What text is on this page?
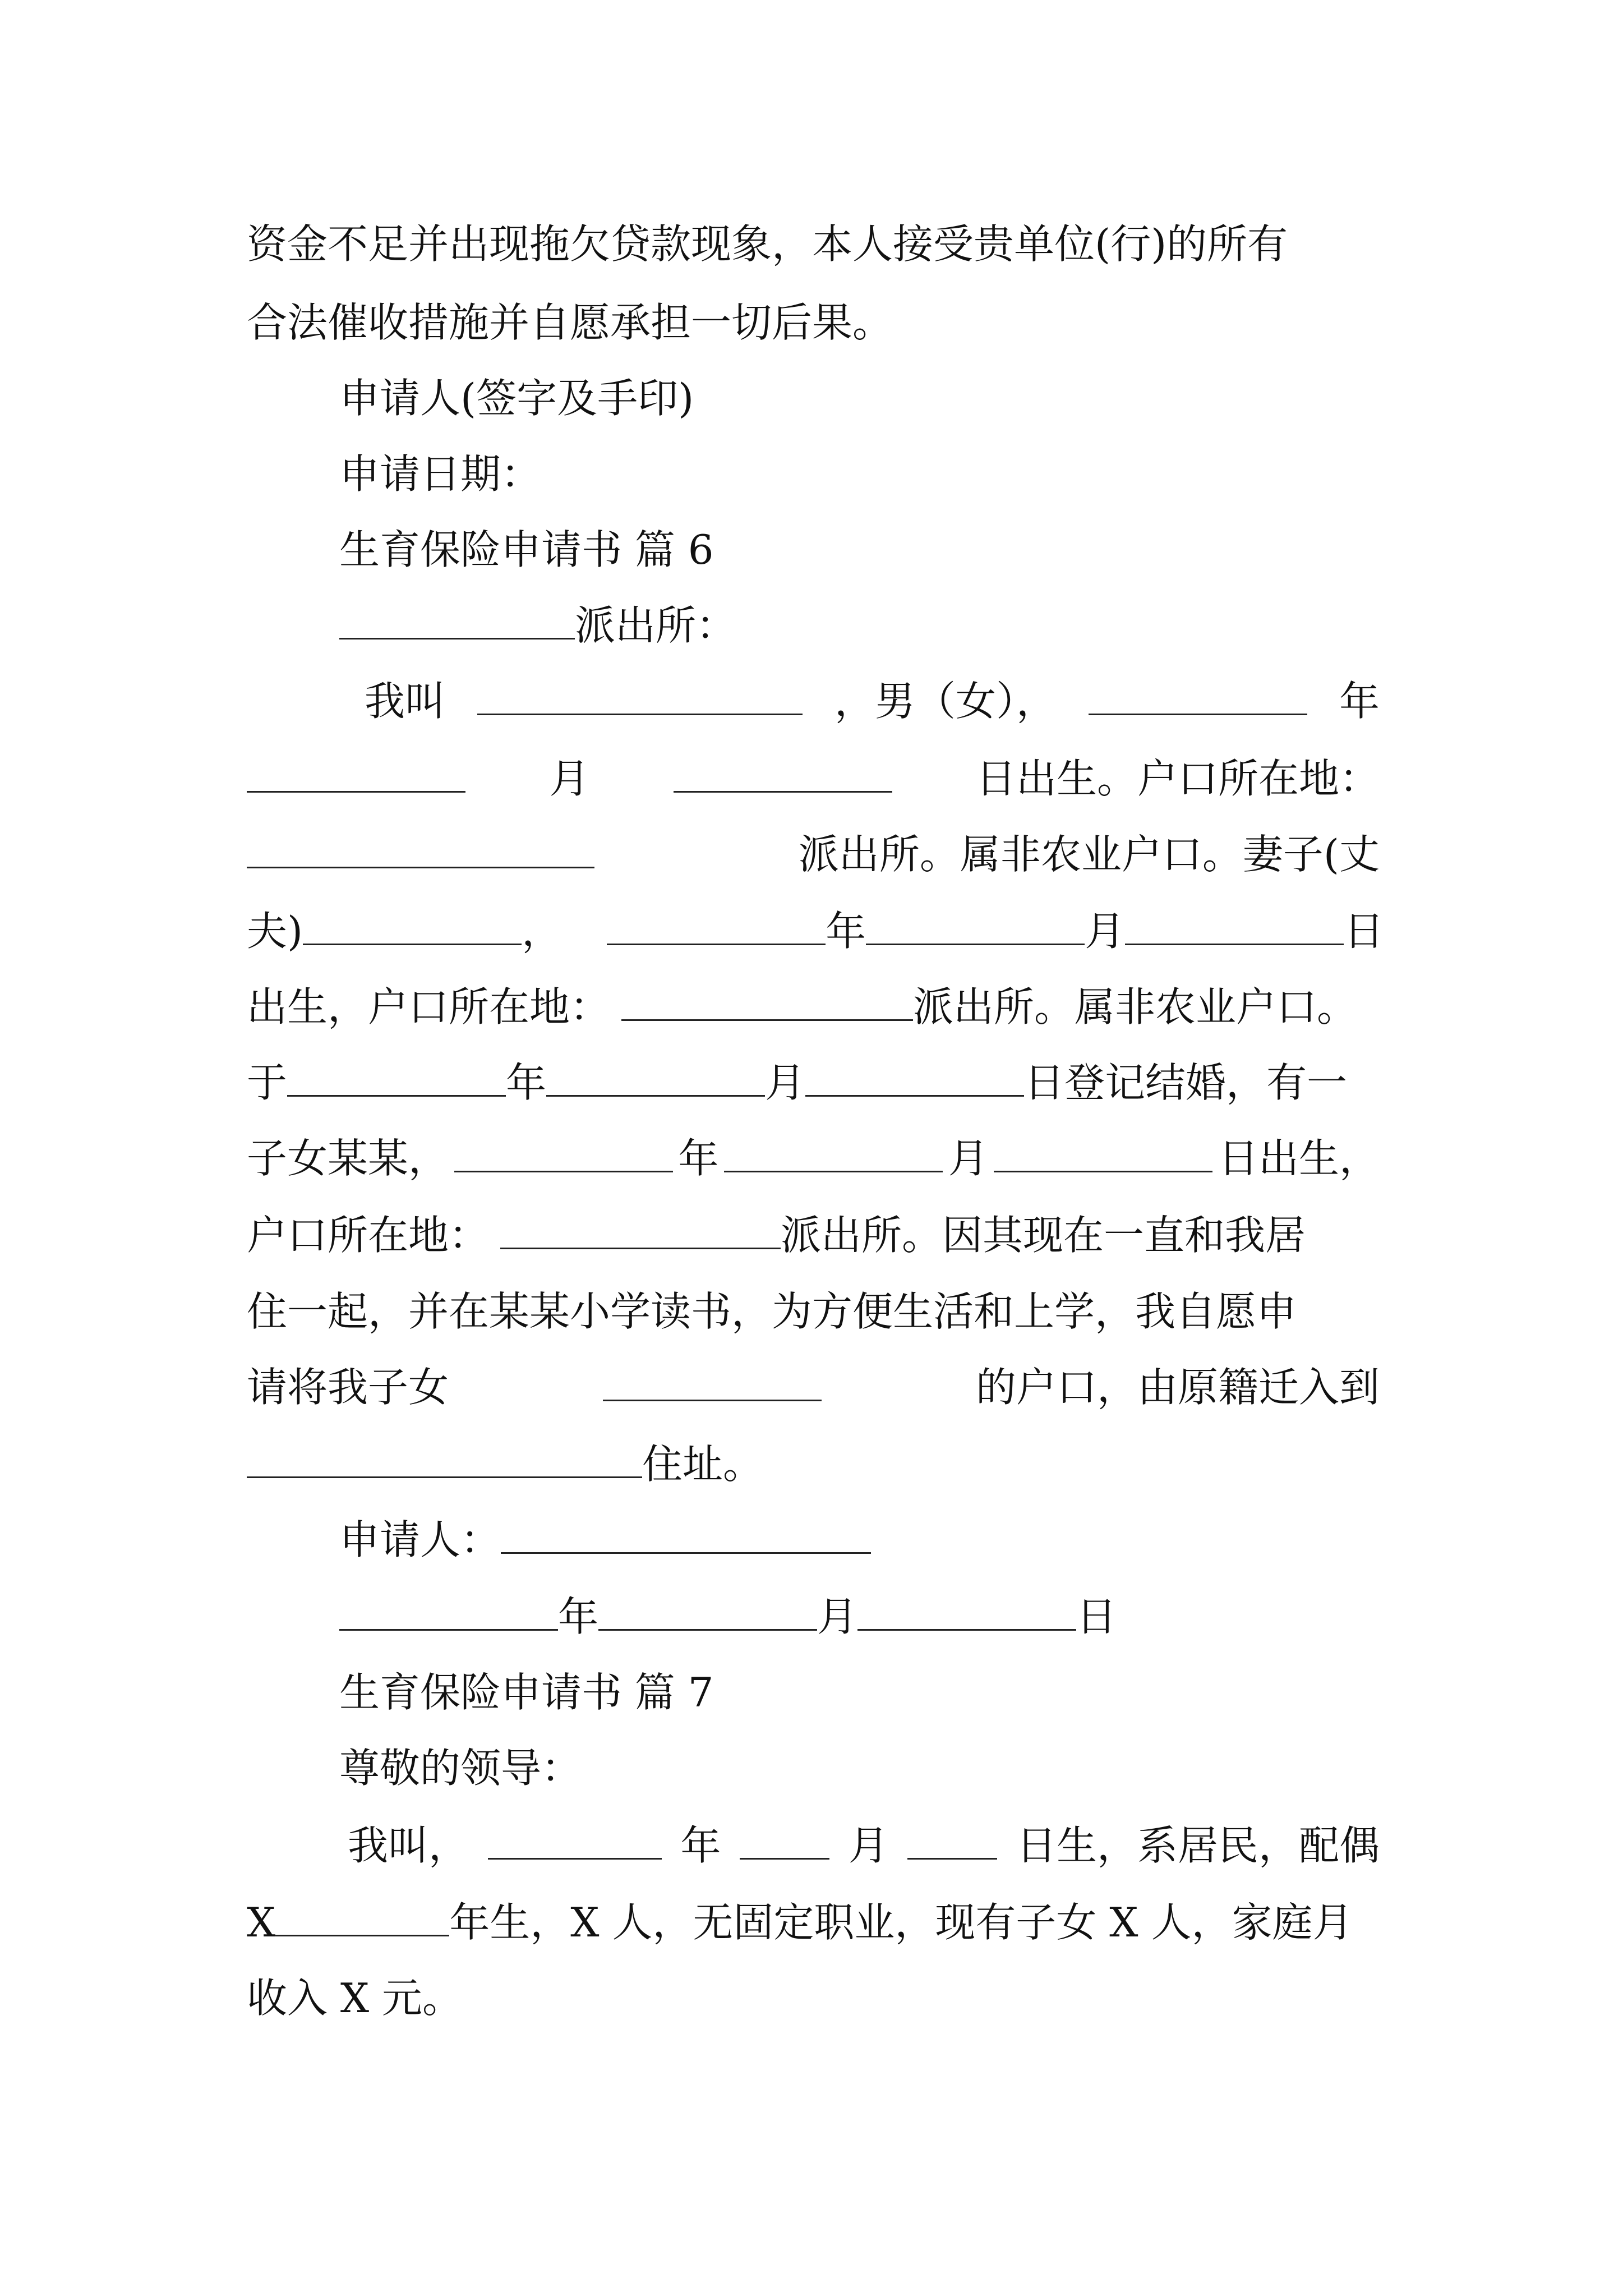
资金不足并出现拖欠贷款现象，本人接受贵单位(行)的所有
合法催收措施并自愿承担一切后果。
申请人(签字及手印)
申请日期：
生育保险申请书 篇 6
派出所：
我叫	，男（女），	年
月	日出生。户口所在地：
派出所。属非农业户口。妻子(丈
夫)	，	年	月	日
出生，户口所在地：	派出所。属非农业户口。
于	年	月	日登记结婚，有一
子女某某，	年	月	日出生，
户口所在地：	派出所。因其现在一直和我居
住一起，并在某某小学读书，为方便生活和上学，我自愿申
请将我子女	的户口，由原籍迁入到
住址。
申请人：
年	月	日
生育保险申请书 篇 7
尊敬的领导：
我叫，	年	月	日生，系居民，配偶
X	年生，X 人，无固定职业，现有子女 X 人，家庭月
收入 X 元。
